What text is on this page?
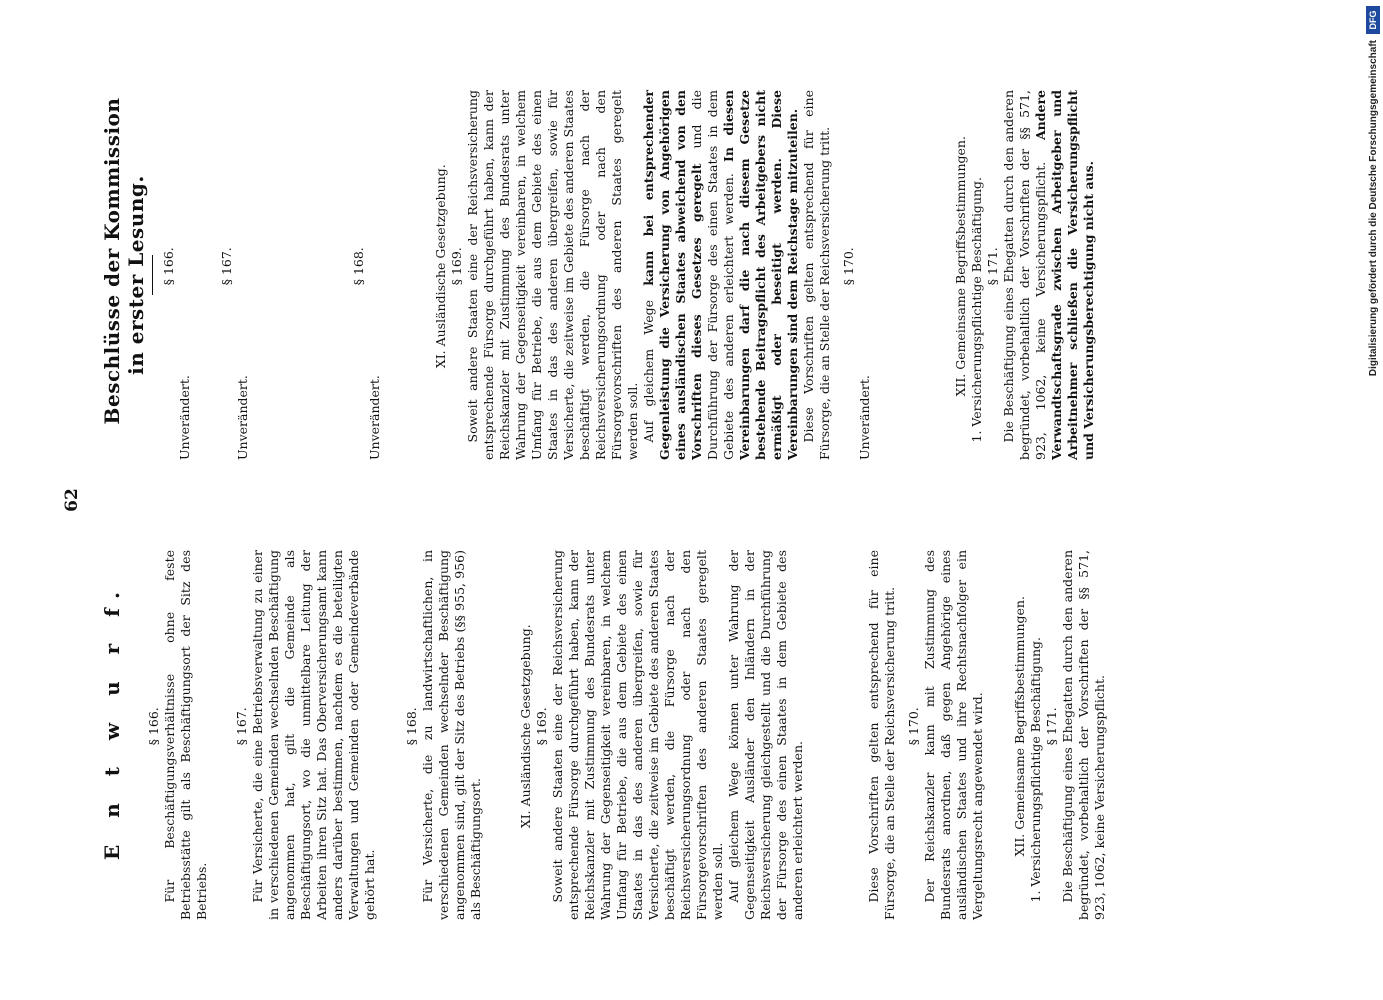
62

E n t w u r f. § 166. Für Beschäftigungsverhältnisse ohne feste Betriebsstätte gilt als Beschäftigungsort der Sitz des Betriebs.

§ 167. Für Versicherte, die eine Betriebsverwaltung zu einer in verschiedenen Gemeinden wechselnden Beschäftigung angenommen hat, gilt die Gemeinde als Beschäftigungsort, wo die unmittelbare Leitung der Arbeiten ihren Sitz hat. Das Oberversicherungsamt kann anders darüber bestimmen, nachdem es die beteiligten Verwaltungen und Gemeinden oder Gemeindeverbände gehört hat.

§ 168. Für Versicherte, die zu landwirtschaftlichen, in verschiedenen Gemeinden wechselnder Beschäftigung angenommen sind, gilt der Sitz des Betriebs (§§ 955, 956) als Beschäftigungsort.

XI. Ausländische Gesetzgebung. § 169. Soweit andere Staaten eine der Reichsversicherung entsprechende Fürsorge durchgeführt haben, kann der Reichskanzler mit Zustimmung des Bundesrats unter Wahrung der Gegenseitigkeit vereinbaren, in welchem Umfang für Betriebe, die aus dem Gebiete des einen Staates in das des anderen übergreifen, sowie für Versicherte, die zeitweise im Gebiete des anderen Staates beschäftigt werden, die Fürsorge nach der Reichsversicherungsordnung oder nach den Fürsorgevorschriften des anderen Staates geregelt werden soll. Auf gleichem Wege können unter Wahrung der Gegenseitigkeit Ausländer den Inländern in der Reichsversicherung gleichgestellt und die Durchführung der Fürsorge des einen Staates in dem Gebiete des anderen erleichtert werden.	Diese Vorschriften gelten entsprechend für eine Fürsorge, die an Stelle der Reichsversicherung tritt. § 170. Der Reichskanzler kann mit Zustimmung des Bundesrats anordnen, daß gegen Angehörige eines ausländischen Staates und ihre Rechtsnachfolger ein Vergeltungsrecht angewendet wird. XII. Gemeinsame Begriffsbestimmungen. 1. Versicherungspflichtige Beschäftigung. § 171. Die Beschäftigung eines Ehegatten durch den anderen begründet, vorbehaltlich der Vorschriften der §§ 571, 923, 1062, keine Versicherungspflicht.

Beschlüsse der Kommission in erster Lesung. § 166.

Unverändert.

§ 167.

Unverändert.

§ 168.

Unverändert.

XI. Ausländische Gesetzgebung. § 169. Soweit andere Staaten eine der Reichsversicherung entsprechende Fürsorge durchgeführt haben, kann der Reichskanzler mit Zustimmung des Bundesrats unter Wahrung der Gegenseitigkeit vereinbaren, in welchem Umfang für Betriebe, die aus dem Gebiete des einen Staates in das des anderen übergreifen, sowie für Versicherte, die zeitweise im Gebiete des anderen Staates beschäftigt werden, die Fürsorge nach der Reichsversicherungsordnung oder nach den Fürsorgevorschriften des anderen Staates geregelt werden soll. Auf gleichem Wege kann bei entsprechender Gegenleistung die Versicherung von Angehörigen eines ausländischen Staates abweichend von den Vorschriften dieses Gesetzes geregelt und die Durchführung der Fürsorge des einen Staates in dem Gebiete des anderen erleichtert werden. In diesen Vereinbarungen darf die nach diesem Gesetze bestehende Beitragspflicht des Arbeitgebers nicht ermäßigt oder beseitigt werden. Diese Vereinbarungen sind dem Reichstage mitzuteilen. Diese Vorschriften gelten entsprechend für eine Fürsorge, die an Stelle der Reichsversicherung tritt. § 170.

Unverändert.

XII. Gemeinsame Begriffsbestimmungen. 1. Versicherungspflichtige Beschäftigung. § 171. Die Beschäftigung eines Ehegatten durch den anderen begründet, vorbehaltlich der Vorschriften der §§ 571, 923, 1062, keine Versicherungspflicht. Andere Verwandtschaftsgrade zwischen Arbeitgeber und Arbeitnehmer schließen die Versicherungspflicht und Versicherungsberechtigung nicht aus.	Digitalisierung gefördert durch die Deutsche Forschungsgemeinschaft
DFG
